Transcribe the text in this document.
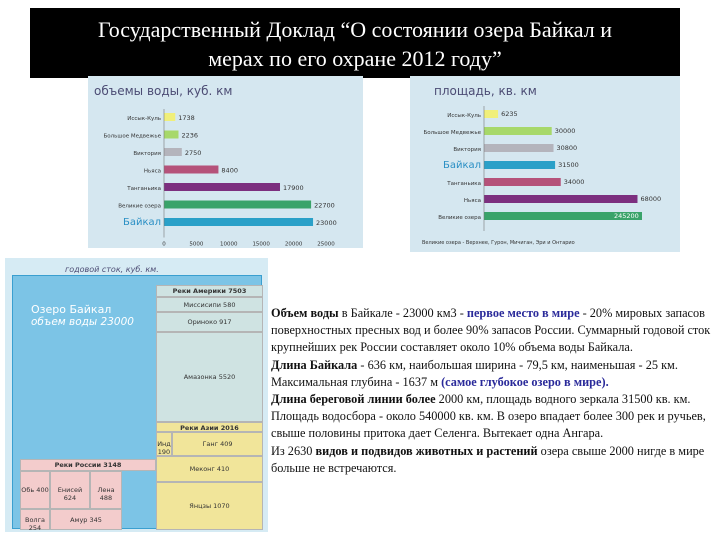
Государственный Доклад “О состоянии озера Байкал и
мерах по его охране 2012 году”
объемы воды, куб. км
Иссык-Куль	1738
Большое Медвежье	2236
Виктория	2750
Ньяса	8400
Танганьика	17900
Великие озера	22700
Байкал	23000
0	5000	10000	15000	20000	25000
площадь, кв. км
Иссык-Куль	6235
Большое Медвежье	30000
Виктория	30800
Байкал	31500
Танганьика	34000
Ньяса	68000
Великие озера	245200
Великие озера - Верхнее, Гурон, Мичиган, Эри и Онтарио
годовой сток, куб. км.
Озеро Байкал
объем воды 23000
Реки Америки 7503
Миссисипи 580
Ориноко 917
Амазонка 5520
Реки Азии 2016
Инд 190
Ганг 409
Меконг 410
Янцзы 1070
Реки России 3148
Обь 400	Енисей 624
Лена 488
Волга 254
Амур 345

Объем воды в Байкале - 23000 км3 - первое место в мире - 20% мировых запасов поверхностных пресных вод и более 90% запасов России. Суммарный годовой сток крупнейших рек России составляет около 10% объема воды Байкала.

Длина Байкала - 636 км, наибольшая ширина - 79,5 км, наименьшая - 25 км. Максимальная глубина - 1637 м (самое глубокое озеро в мире).

Длина береговой линии более 2000 км, площадь водного зеркала 31500 кв. км. Площадь водосбора - около 540000 кв. км. В озеро впадает более 300 рек и ручьев, свыше половины притока дает Селенга. Вытекает одна Ангара.

Из 2630 видов и подвидов животных и растений озера свыше 2000 нигде в мире больше не встречаются.
